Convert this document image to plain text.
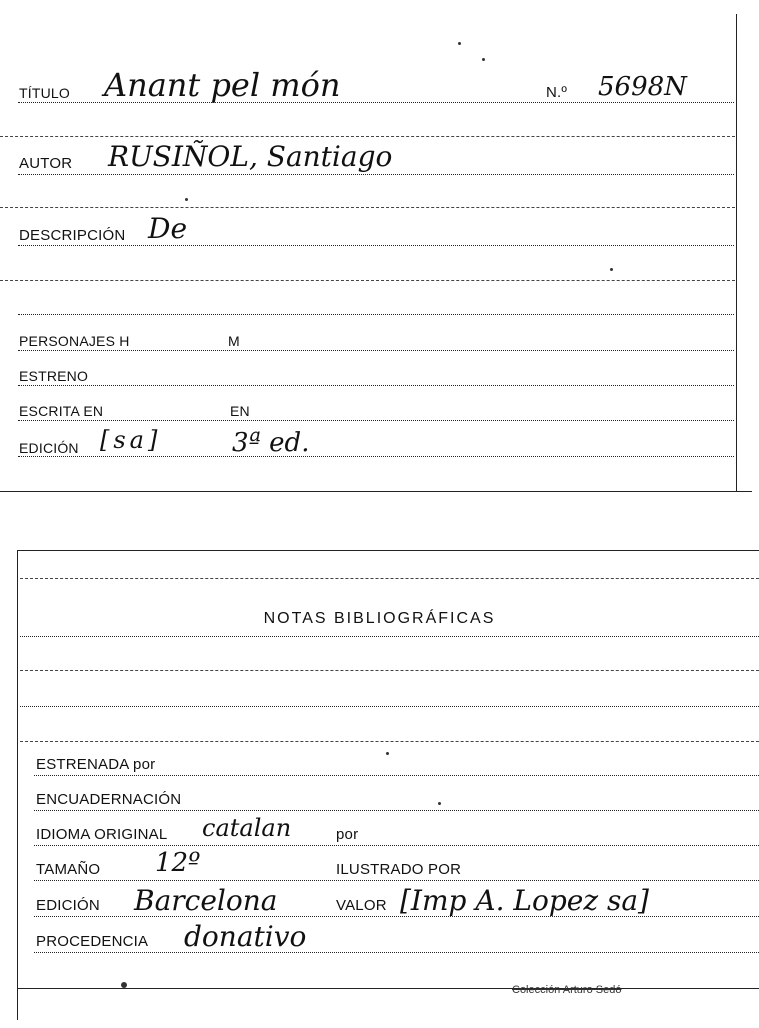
TÍTULO Anant pel món	N.º 5698N
AUTOR RUSIÑOL, Santiago
DESCRIPCIÓN De
PERSONAJES H	M
ESTRENO
ESCRITA EN	EN
EDICIÓN [sa]	3ª ed.
NOTAS BIBLIOGRÁFICAS
ESTRENADA por
ENCUADERNACIÓN
IDIOMA ORIGINAL catalan	por
TAMAÑO 12º	ILUSTRADO POR
EDICIÓN Barcelona	VALOR [Imp A. Lopez sa]
PROCEDENCIA donativo
Colección Arturo Sedó
